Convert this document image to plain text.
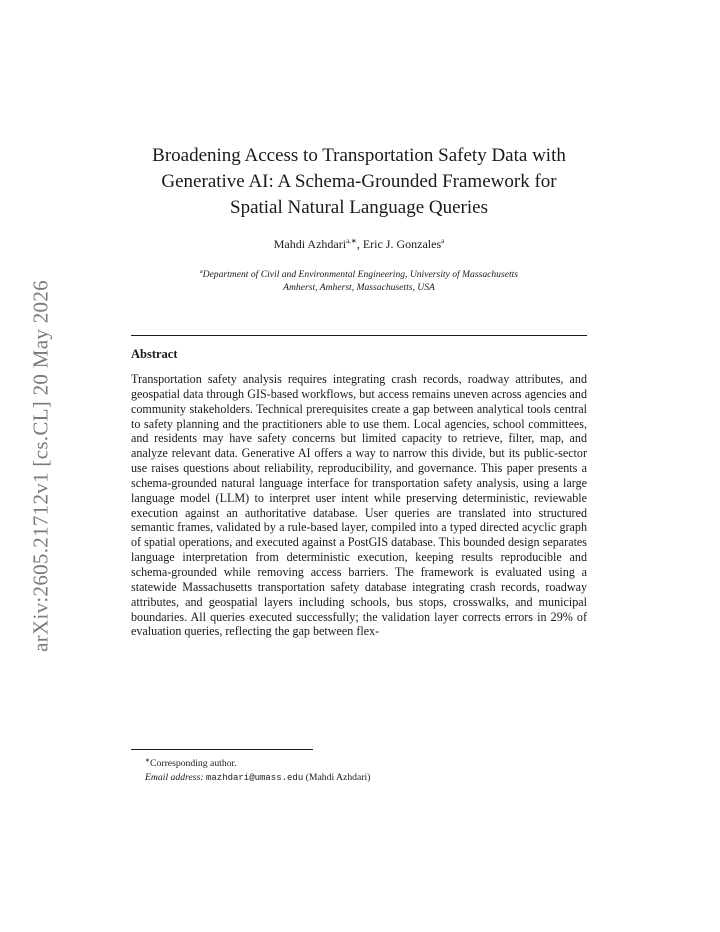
arXiv:2605.21712v1 [cs.CL] 20 May 2026
Broadening Access to Transportation Safety Data with
Generative AI: A Schema-Grounded Framework for
Spatial Natural Language Queries
Mahdi Azhdari$^{a,∗}$, Eric J. Gonzales$^a$
$^a$Department of Civil and Environmental Engineering, University of Massachusetts
Amherst, Amherst, Massachusetts, USA
Abstract
Transportation safety analysis requires integrating crash records, roadway attributes, and geospatial data through GIS-based workflows, but access remains uneven across agencies and community stakeholders. Technical prerequisites create a gap between analytical tools central to safety planning and the practitioners able to use them. Local agencies, school committees, and residents may have safety concerns but limited capacity to retrieve, filter, map, and analyze relevant data. Generative AI offers a way to narrow this divide, but its public-sector use raises questions about reliability, reproducibility, and governance. This paper presents a schema-grounded natural language interface for transportation safety analysis, using a large language model (LLM) to interpret user intent while preserving deterministic, reviewable execution against an authoritative database. User queries are translated into structured semantic frames, validated by a rule-based layer, compiled into a typed directed acyclic graph of spatial operations, and executed against a PostGIS database. This bounded design separates language interpretation from deterministic execution, keeping results reproducible and schema-grounded while removing access barriers. The framework is evaluated using a statewide Massachusetts transportation safety database integrating crash records, roadway attributes, and geospatial layers including schools, bus stops, crosswalks, and municipal boundaries. All queries executed successfully; the validation layer corrects errors in 29% of evaluation queries, reflecting the gap between flex-
∗Corresponding author.
Email address: mazhdari@umass.edu (Mahdi Azhdari)
